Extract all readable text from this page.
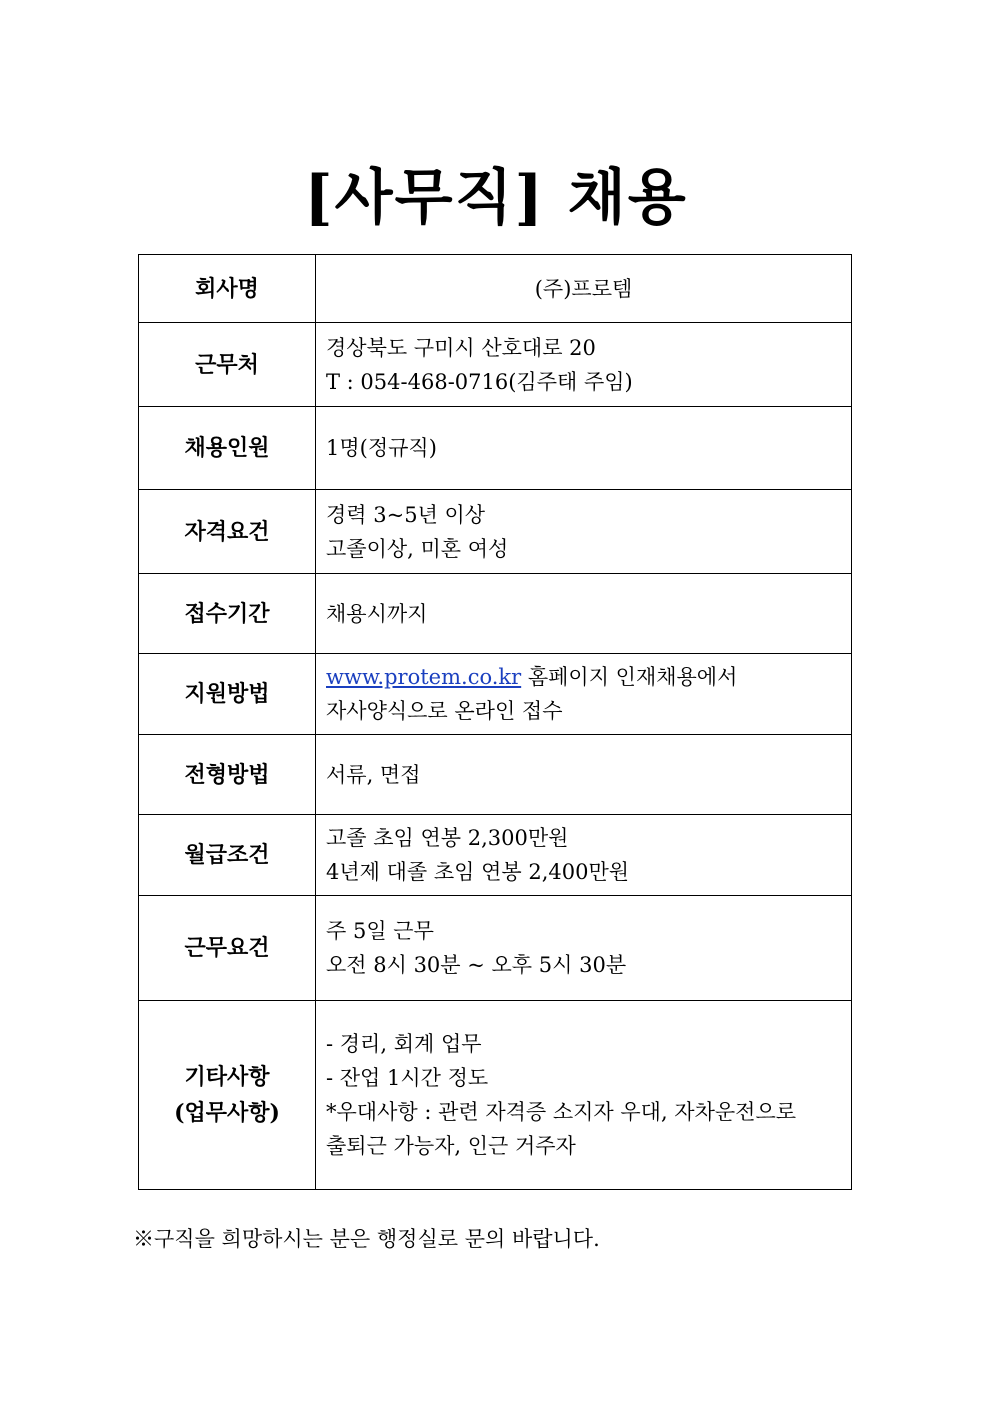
[사무직] 채용
회사명	(주)프로템

근무처	경상북도 구미시 산호대로 20
T : 054-468-0716(김주태 주임)

채용인원	1명(정규직)

자격요건	경력 3~5년 이상
고졸이상, 미혼 여성

접수기간	채용시까지

지원방법	www.protem.co.kr 홈페이지 인재채용에서
자사양식으로 온라인 접수

전형방법	서류, 면접

월급조건	고졸 초임 연봉 2,300만원
4년제 대졸 초임 연봉 2,400만원

근무요건	주 5일 근무
오전 8시 30분 ~ 오후 5시 30분

기타사항
(업무사항)	- 경리, 회계 업무
- 잔업 1시간 정도
*우대사항 : 관련 자격증 소지자 우대, 자차운전으로
출퇴근 가능자, 인근 거주자
※구직을 희망하시는 분은 행정실로 문의 바랍니다.
